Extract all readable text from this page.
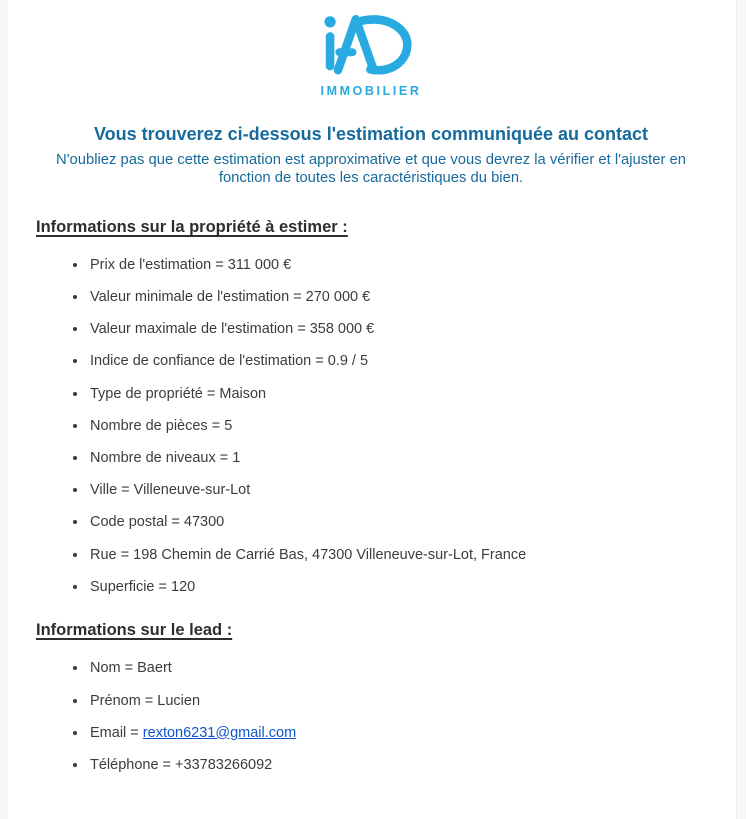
IMMOBILIER
Vous trouverez ci-dessous l'estimation communiquée au contact
N'oubliez pas que cette estimation est approximative et que vous devrez la vérifier et l'ajuster en fonction de toutes les caractéristiques du bien.
Informations sur la propriété à estimer :
• Prix de l'estimation = 311 000 €
• Valeur minimale de l'estimation = 270 000 €
• Valeur maximale de l'estimation = 358 000 €
• Indice de confiance de l'estimation = 0.9 / 5
• Type de propriété = Maison
• Nombre de pièces = 5
• Nombre de niveaux = 1
• Ville = Villeneuve-sur-Lot
• Code postal = 47300
• Rue = 198 Chemin de Carrié Bas, 47300 Villeneuve-sur-Lot, France
• Superficie = 120
Informations sur le lead :
• Nom = Baert
• Prénom = Lucien
• Email = rexton6231@gmail.com
• Téléphone = +33783266092
